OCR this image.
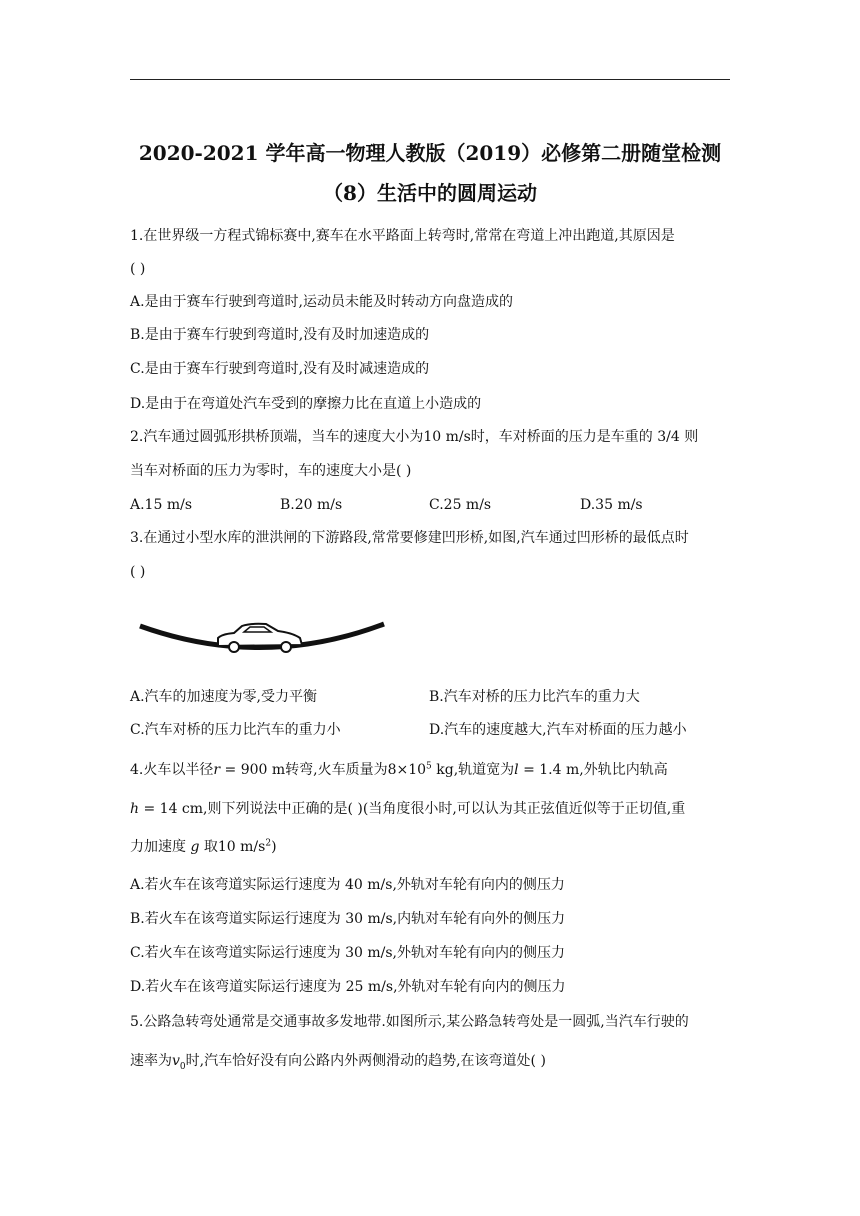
2020-2021 学年高一物理人教版（2019）必修第二册随堂检测
（8）生活中的圆周运动
1.在世界级一方程式锦标赛中,赛车在水平路面上转弯时,常常在弯道上冲出跑道,其原因是
( )
A.是由于赛车行驶到弯道时,运动员未能及时转动方向盘造成的
B.是由于赛车行驶到弯道时,没有及时加速造成的
C.是由于赛车行驶到弯道时,没有及时减速造成的
D.是由于在弯道处汽车受到的摩擦力比在直道上小造成的
2.汽车通过圆弧形拱桥顶端，当车的速度大小为10 m/s时，车对桥面的压力是车重的 3/4 则
当车对桥面的压力为零时，车的速度大小是( )
A.15 m/s	B.20 m/s	C.25 m/s	D.35 m/s
3.在通过小型水库的泄洪闸的下游路段,常常要修建凹形桥,如图,汽车通过凹形桥的最低点时
( )
A.汽车的加速度为零,受力平衡	B.汽车对桥的压力比汽车的重力大
C.汽车对桥的压力比汽车的重力小	D.汽车的速度越大,汽车对桥面的压力越小
4.火车以半径r = 900 m转弯,火车质量为$8\times 10^5$ kg,轨道宽为l = 1.4 m,外轨比内轨高
h = 14 cm,则下列说法中正确的是( )(当角度很小时,可以认为其正弦值近似等于正切值,重
力加速度 g 取10 $m/s^2$)
A.若火车在该弯道实际运行速度为 40 m/s,外轨对车轮有向内的侧压力
B.若火车在该弯道实际运行速度为 30 m/s,内轨对车轮有向外的侧压力
C.若火车在该弯道实际运行速度为 30 m/s,外轨对车轮有向内的侧压力
D.若火车在该弯道实际运行速度为 25 m/s,外轨对车轮有向内的侧压力
5.公路急转弯处通常是交通事故多发地带.如图所示,某公路急转弯处是一圆弧,当汽车行驶的
速率为$v_0$时,汽车恰好没有向公路内外两侧滑动的趋势,在该弯道处( )
